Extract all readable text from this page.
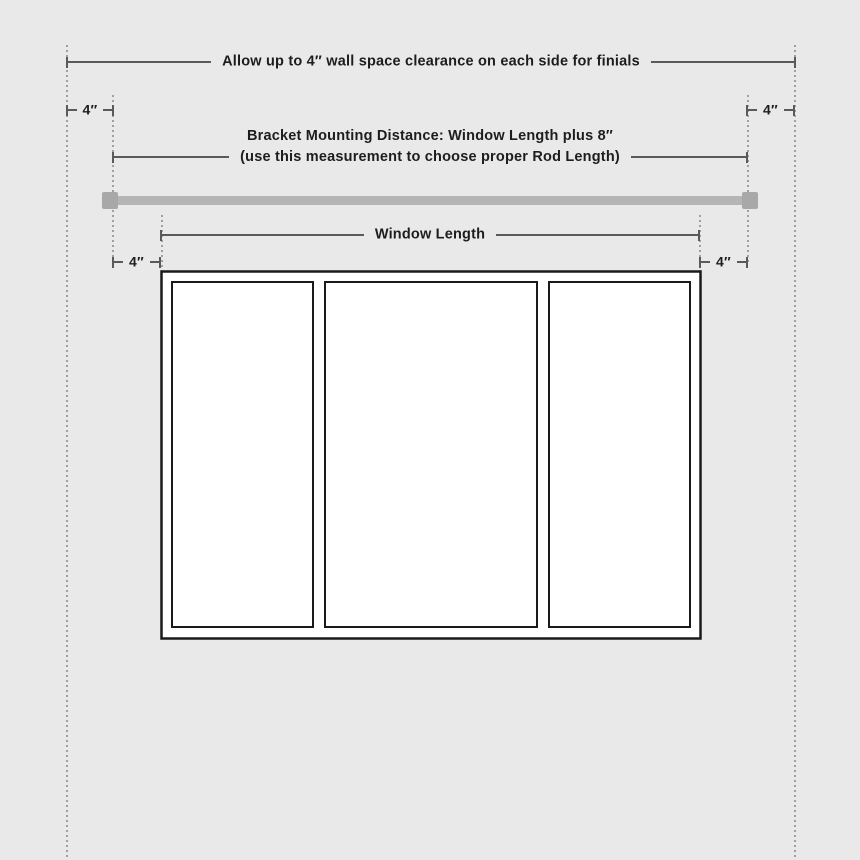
Allow up to 4″ wall space clearance on each side for finials
4″	4″
Bracket Mounting Distance: Window Length plus 8″
(use this measurement to choose proper Rod Length)
Window Length
4″	4″
